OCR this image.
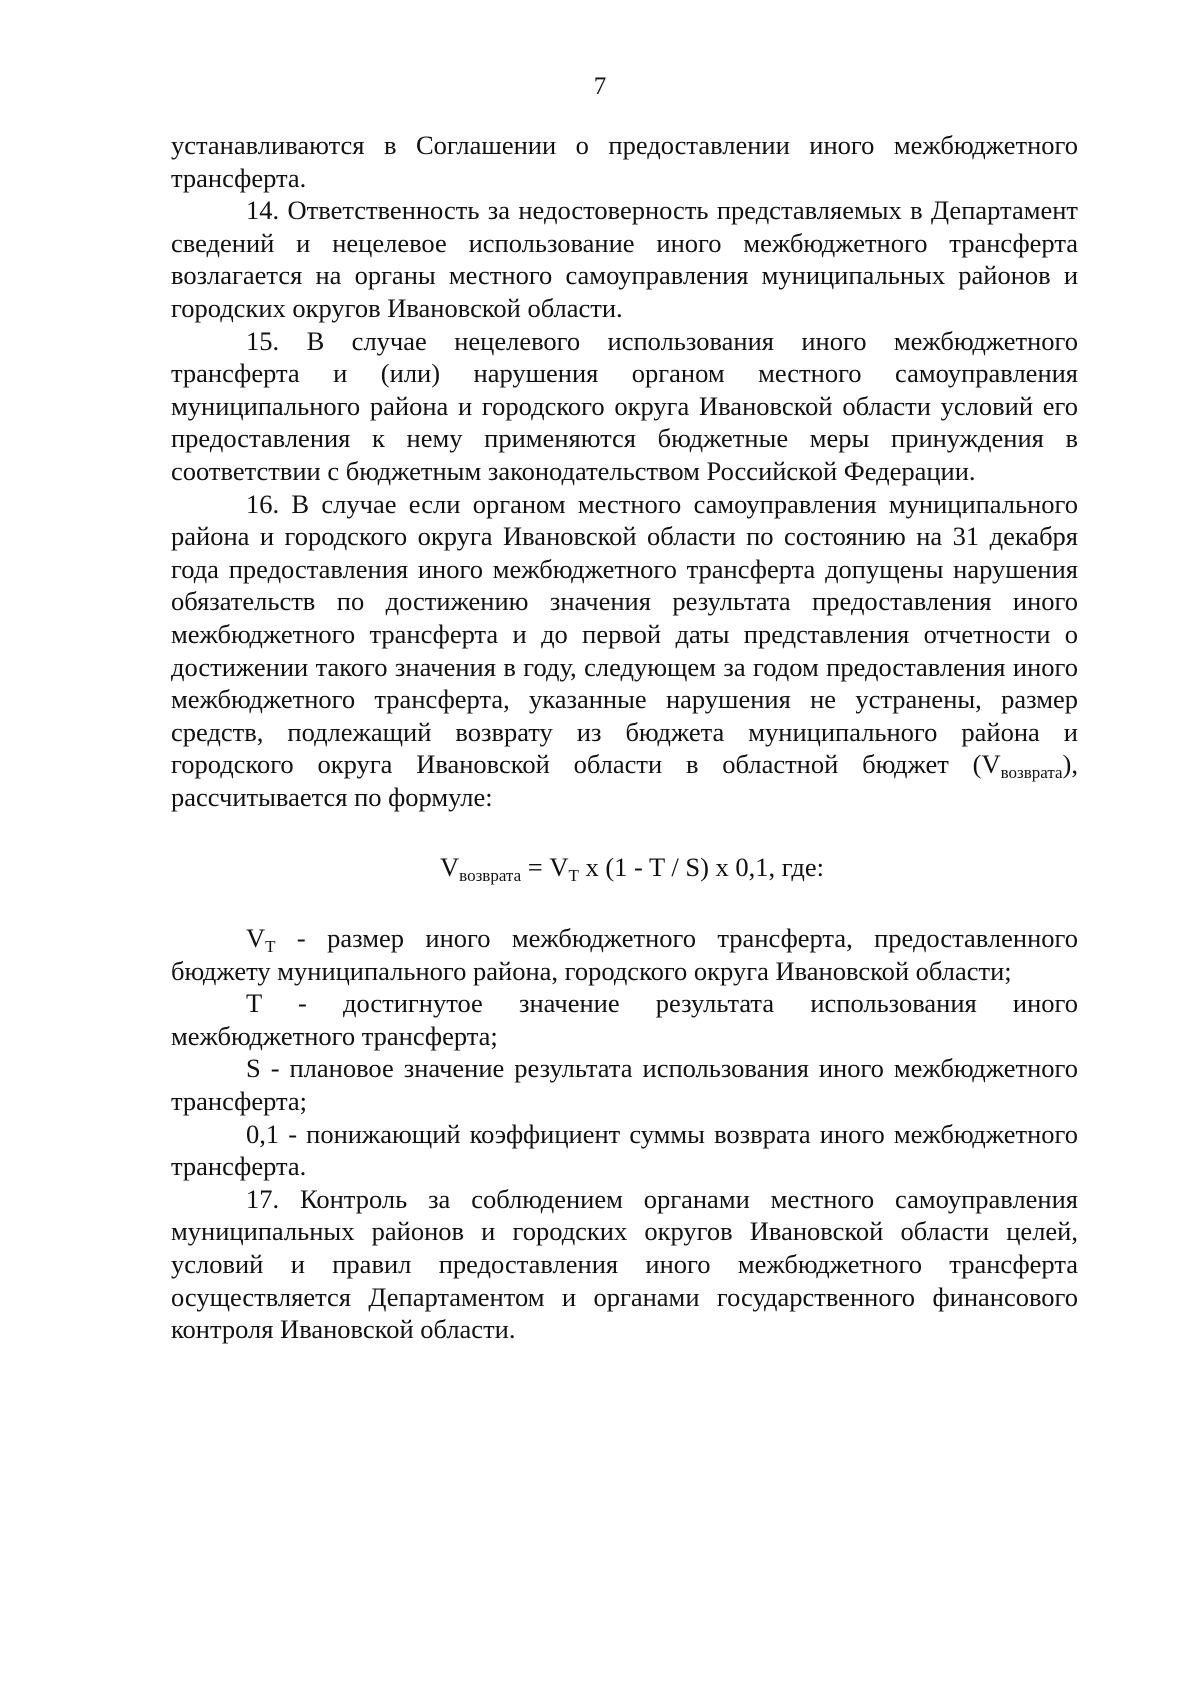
7

устанавливаются в Соглашении о предоставлении иного межбюджетного трансферта.

14. Ответственность за недостоверность представляемых в Департамент сведений и нецелевое использование иного межбюджетного трансферта возлагается на органы местного самоуправления муниципальных районов и городских округов Ивановской области.

15. В случае нецелевого использования иного межбюджетного трансферта и (или) нарушения органом местного самоуправления муниципального района и городского округа Ивановской области условий его предоставления к нему применяются бюджетные меры принуждения в соответствии с бюджетным законодательством Российской Федерации.

16. В случае если органом местного самоуправления муниципального района и городского округа Ивановской области по состоянию на 31 декабря года предоставления иного межбюджетного трансферта допущены нарушения обязательств по достижению значения результата предоставления иного межбюджетного трансферта и до первой даты представления отчетности о достижении такого значения в году, следующем за годом предоставления иного межбюджетного трансферта, указанные нарушения не устранены, размер средств, подлежащий возврату из бюджета муниципального района и городского округа Ивановской области в областной бюджет $(V_{возврата})$, рассчитывается по формуле:

$V_{возврата} = V_T$ x (1 - T / S) x 0,1, где:

$V_T$ - размер иного межбюджетного трансферта, предоставленного бюджету муниципального района, городского округа Ивановской области;

T - достигнутое значение результата использования иного межбюджетного трансферта;

S - плановое значение результата использования иного межбюджетного трансферта;

0,1 - понижающий коэффициент суммы возврата иного межбюджетного трансферта.

17. Контроль за соблюдением органами местного самоуправления муниципальных районов и городских округов Ивановской области целей, условий и правил предоставления иного межбюджетного трансферта осуществляется Департаментом и органами государственного финансового контроля Ивановской области.
